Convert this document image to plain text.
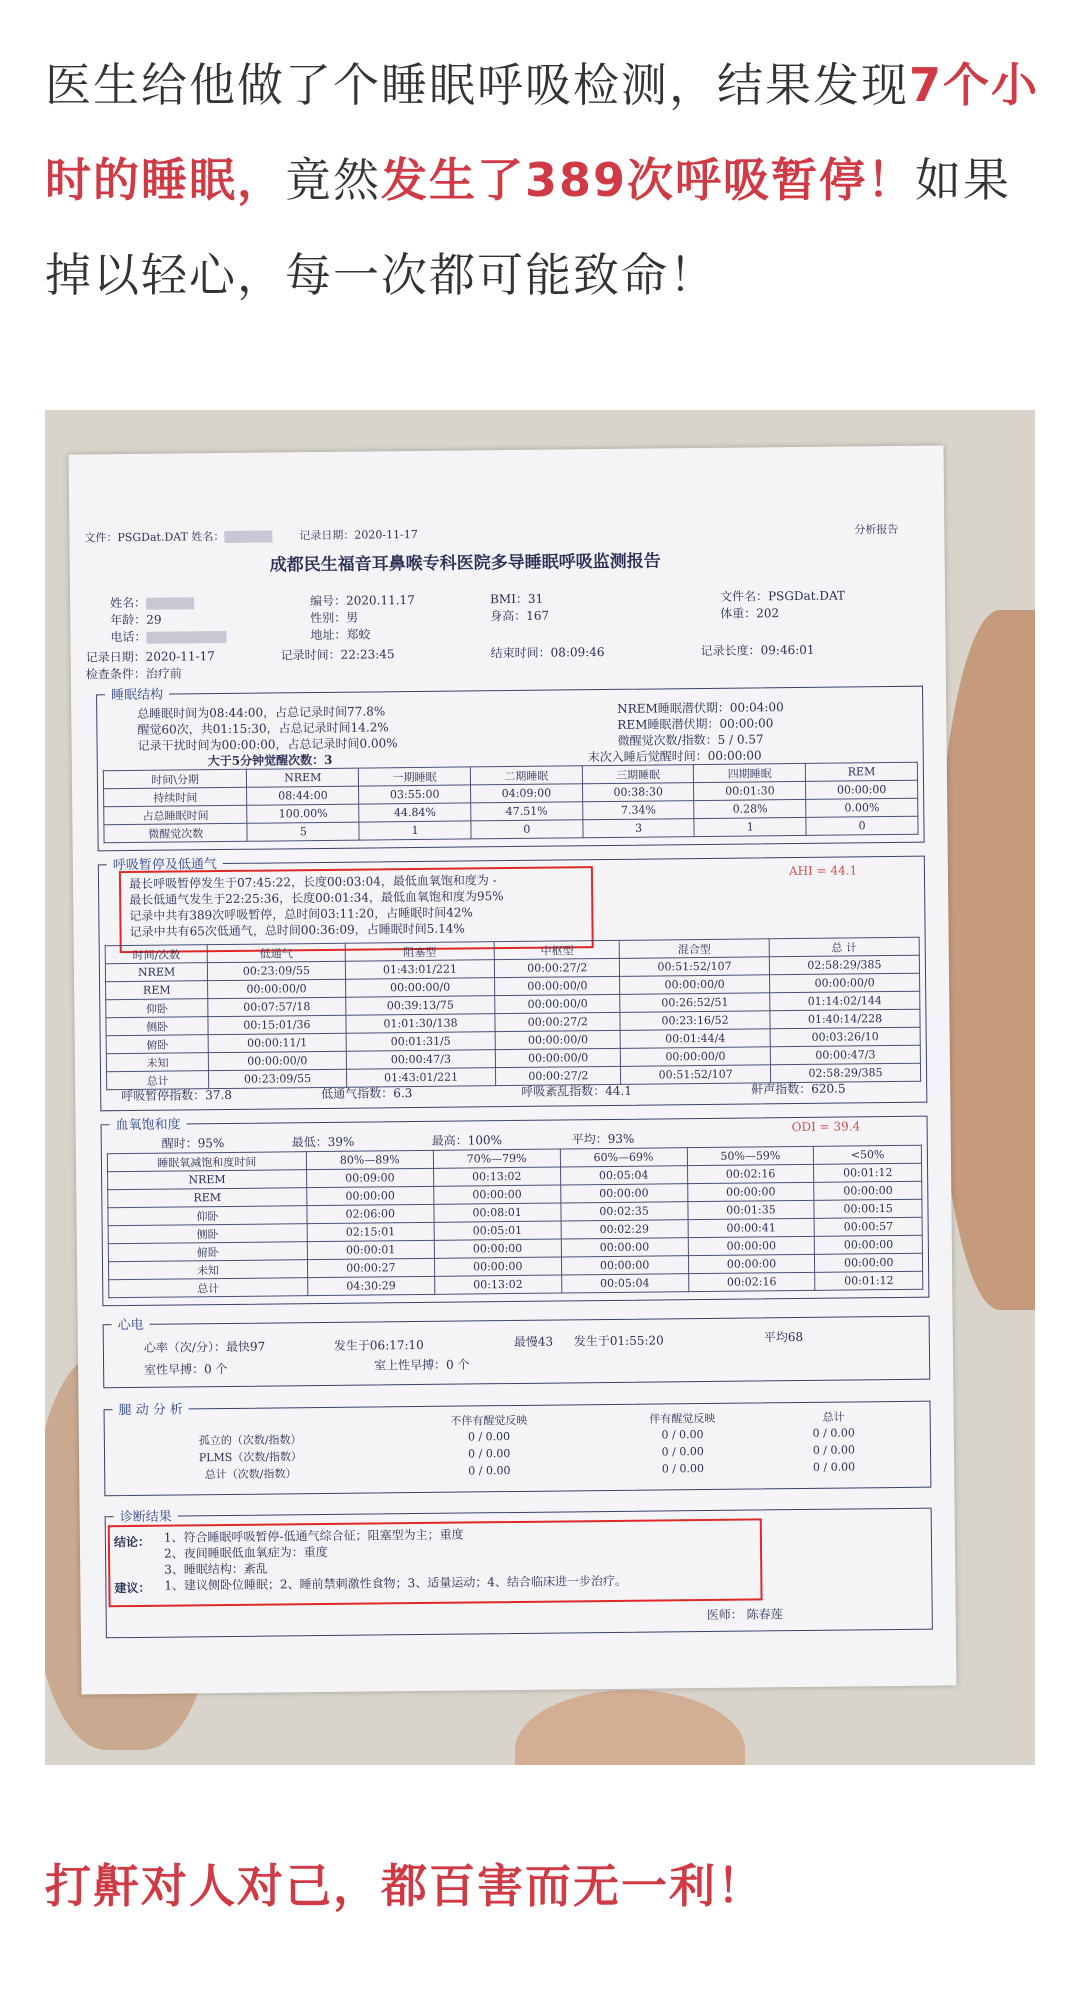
医生给他做了个睡眠呼吸检测，结果发现7个小时的睡眠，竟然发生了389次呼吸暂停！如果掉以轻心，每一次都可能致命！
文件：PSGDat.DAT 姓名：	记录日期：2020-11-17	分析报告
成都民生福音耳鼻喉专科医院多导睡眠呼吸监测报告
姓名：
年龄：29
电话：
记录日期：2020-11-17
检查条件：治疗前
编号：2020.11.17
性别：男
地址：郑蛟
记录时间：22:23:45
BMI：31
身高：167
结束时间：08:09:46
文件名：PSGDat.DAT
体重：202
记录长度：09:46:01
睡眠结构
总睡眠时间为08:44:00，占总记录时间77.8%
醒觉60次，共01:15:30，占总记录时间14.2%
记录干扰时间为00:00:00，占总记录时间0.00%
大于5分钟觉醒次数：3
NREM睡眠潜伏期：00:04:00
REM睡眠潜伏期：00:00:00
微醒觉次数/指数：5 / 0.57
末次入睡后觉醒时间：00:00:00
时间\分期	NREM	一期睡眠	二期睡眠	三期睡眠	四期睡眠	REM
持续时间	08:44:00	03:55:00	04:09:00	00:38:30	00:01:30	00:00:00
占总睡眠时间	100.00%	44.84%	47.51%	7.34%	0.28%	0.00%
微醒觉次数	5	1	0	3	1	0
呼吸暂停及低通气	AHI = 44.1
最长呼吸暂停发生于07:45:22，长度00:03:04，最低血氧饱和度为 -
最长低通气发生于22:25:36，长度00:01:34，最低血氧饱和度为95%
记录中共有389次呼吸暂停，总时间03:11:20，占睡眠时间42%
记录中共有65次低通气，总时间00:36:09，占睡眠时间5.14%
时间/次数	低通气	阻塞型	中枢型	混合型	总 计
NREM	00:23:09/55	01:43:01/221	00:00:27/2	00:51:52/107	02:58:29/385
REM	00:00:00/0	00:00:00/0	00:00:00/0	00:00:00/0	00:00:00/0
仰卧	00:07:57/18	00:39:13/75	00:00:00/0	00:26:52/51	01:14:02/144
侧卧	00:15:01/36	01:01:30/138	00:00:27/2	00:23:16/52	01:40:14/228
俯卧	00:00:11/1	00:01:31/5	00:00:00/0	00:01:44/4	00:03:26/10
未知	00:00:00/0	00:00:47/3	00:00:00/0	00:00:00/0	00:00:47/3
总计	00:23:09/55	01:43:01/221	00:00:27/2	00:51:52/107	02:58:29/385
呼吸暂停指数：37.8	低通气指数：6.3	呼吸紊乱指数：44.1	鼾声指数：620.5
血氧饱和度	ODI = 39.4
醒时：95%	最低：39%	最高：100%	平均：93%
睡眠氧减饱和度时间	80%—89%	70%—79%	60%—69%	50%—59%	<50%
NREM	00:09:00	00:13:02	00:05:04	00:02:16	00:01:12
REM	00:00:00	00:00:00	00:00:00	00:00:00	00:00:00
仰卧	02:06:00	00:08:01	00:02:35	00:01:35	00:00:15
侧卧	02:15:01	00:05:01	00:02:29	00:00:41	00:00:57
俯卧	00:00:01	00:00:00	00:00:00	00:00:00	00:00:00
未知	00:00:27	00:00:00	00:00:00	00:00:00	00:00:00
总计	04:30:29	00:13:02	00:05:04	00:02:16	00:01:12
心电
心率（次/分）：最快97	发生于06:17:10	最慢43 发生于01:55:20	平均68
室性早搏：0 个	室上性早搏：0 个
腿 动 分 析
	不伴有醒觉反映	伴有醒觉反映	总计
孤立的（次数/指数）	0 / 0.00	0 / 0.00	0 / 0.00
PLMS（次数/指数）	0 / 0.00	0 / 0.00	0 / 0.00
总计（次数/指数）	0 / 0.00	0 / 0.00	0 / 0.00
诊断结果
结论： 1、符合睡眠呼吸暂停-低通气综合征；阻塞型为主；重度
2、夜间睡眠低血氧症为：重度
3、睡眠结构：紊乱
建议： 1、建议侧卧位睡眠；2、睡前禁刺激性食物；3、适量运动；4、结合临床进一步治疗。
医师： 陈春莲
打鼾对人对己，都百害而无一利！
